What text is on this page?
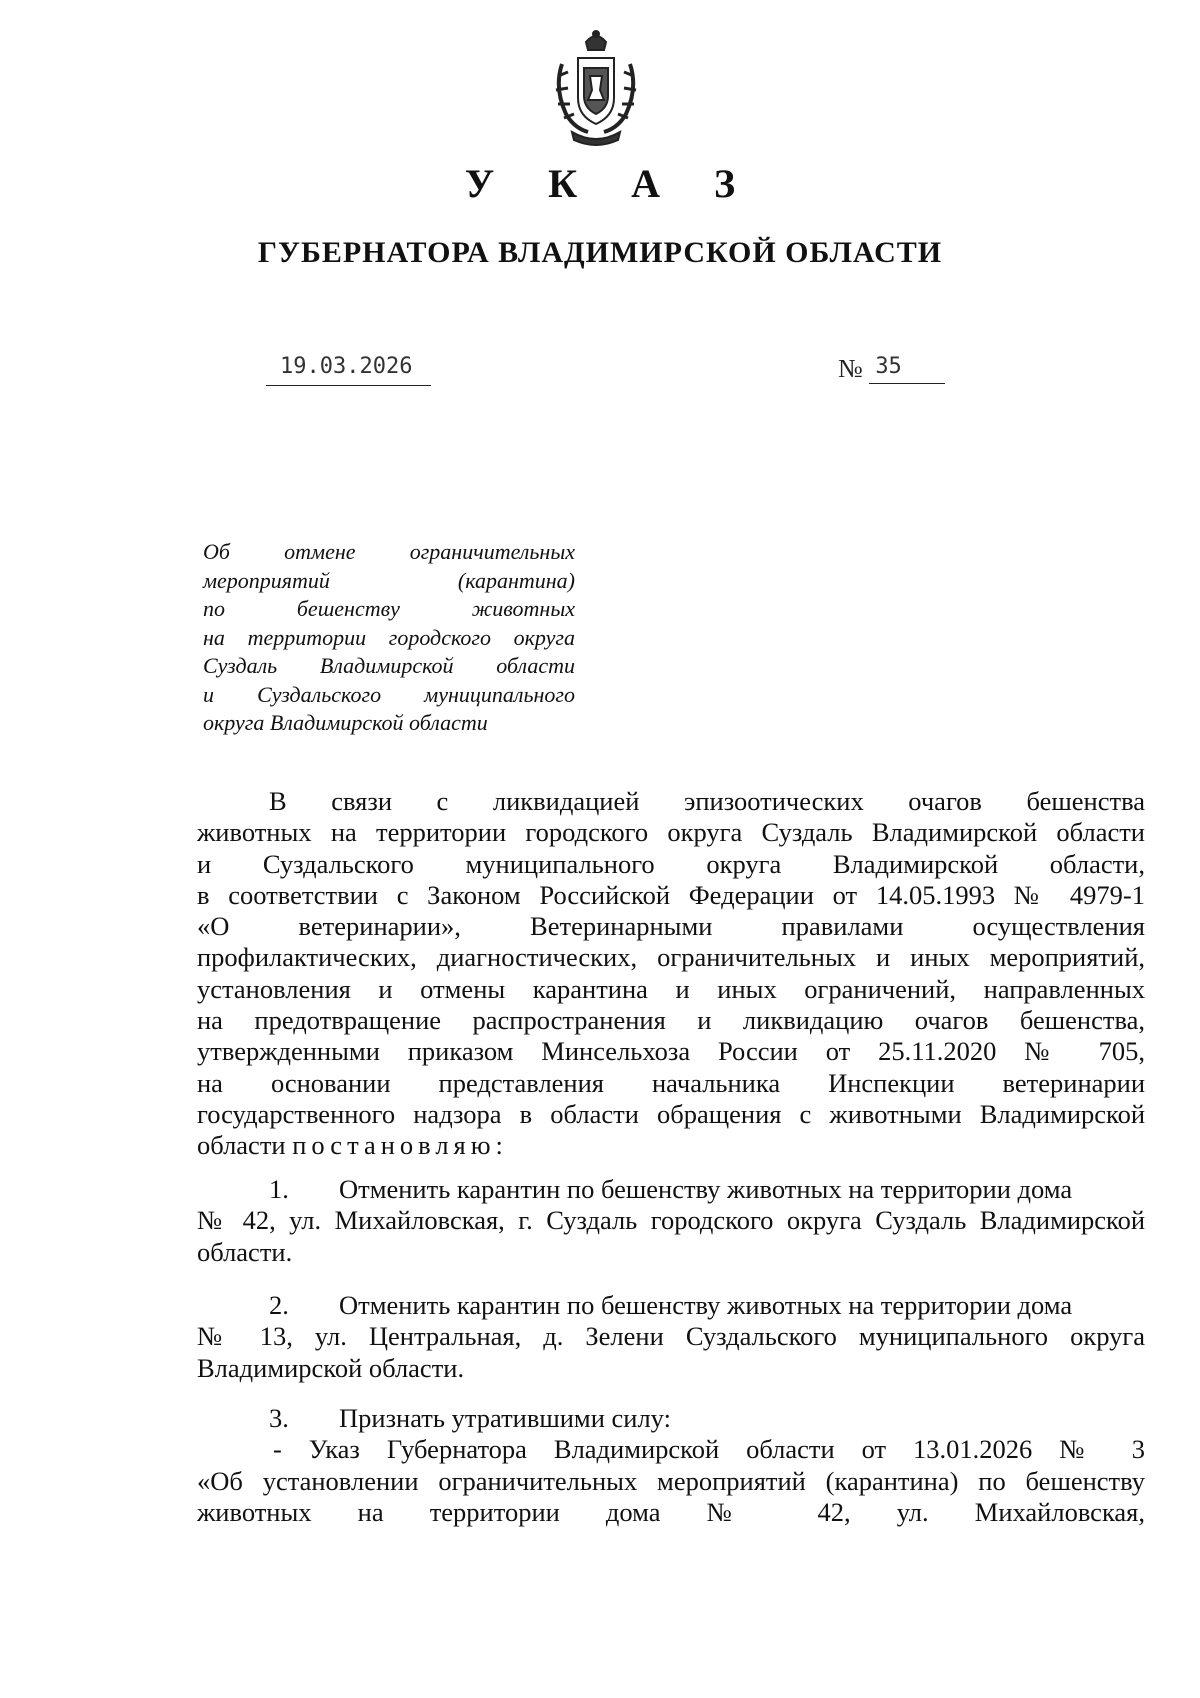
У К А З
ГУБЕРНАТОРА ВЛАДИМИРСКОЙ ОБЛАСТИ
19.03.2026	№ 35
Об отмене ограничительных
мероприятий (карантина)
по бешенству животных
на территории городского округа
Суздаль Владимирской области
и Суздальского муниципального
округа Владимирской области
В связи с ликвидацией эпизоотических очагов бешенства
животных на территории городского округа Суздаль Владимирской области
и Суздальского муниципального округа Владимирской области,
в соответствии с Законом Российской Федерации от 14.05.1993 № 4979-1
«О ветеринарии», Ветеринарными правилами осуществления
профилактических, диагностических, ограничительных и иных мероприятий,
установления и отмены карантина и иных ограничений, направленных
на предотвращение распространения и ликвидацию очагов бешенства,
утвержденными приказом Минсельхоза России от 25.11.2020 № 705,
на основании представления начальника Инспекции ветеринарии
государственного надзора в области обращения с животными Владимирской
области постановляю:
1. Отменить карантин по бешенству животных на территории дома
№ 42, ул. Михайловская, г. Суздаль городского округа Суздаль Владимирской
области.
2. Отменить карантин по бешенству животных на территории дома
№ 13, ул. Центральная, д. Зелени Суздальского муниципального округа
Владимирской области.
3. Признать утратившими силу:
- Указ Губернатора Владимирской области от 13.01.2026 № 3
«Об установлении ограничительных мероприятий (карантина) по бешенству
животных на территории дома № 42, ул. Михайловская,
